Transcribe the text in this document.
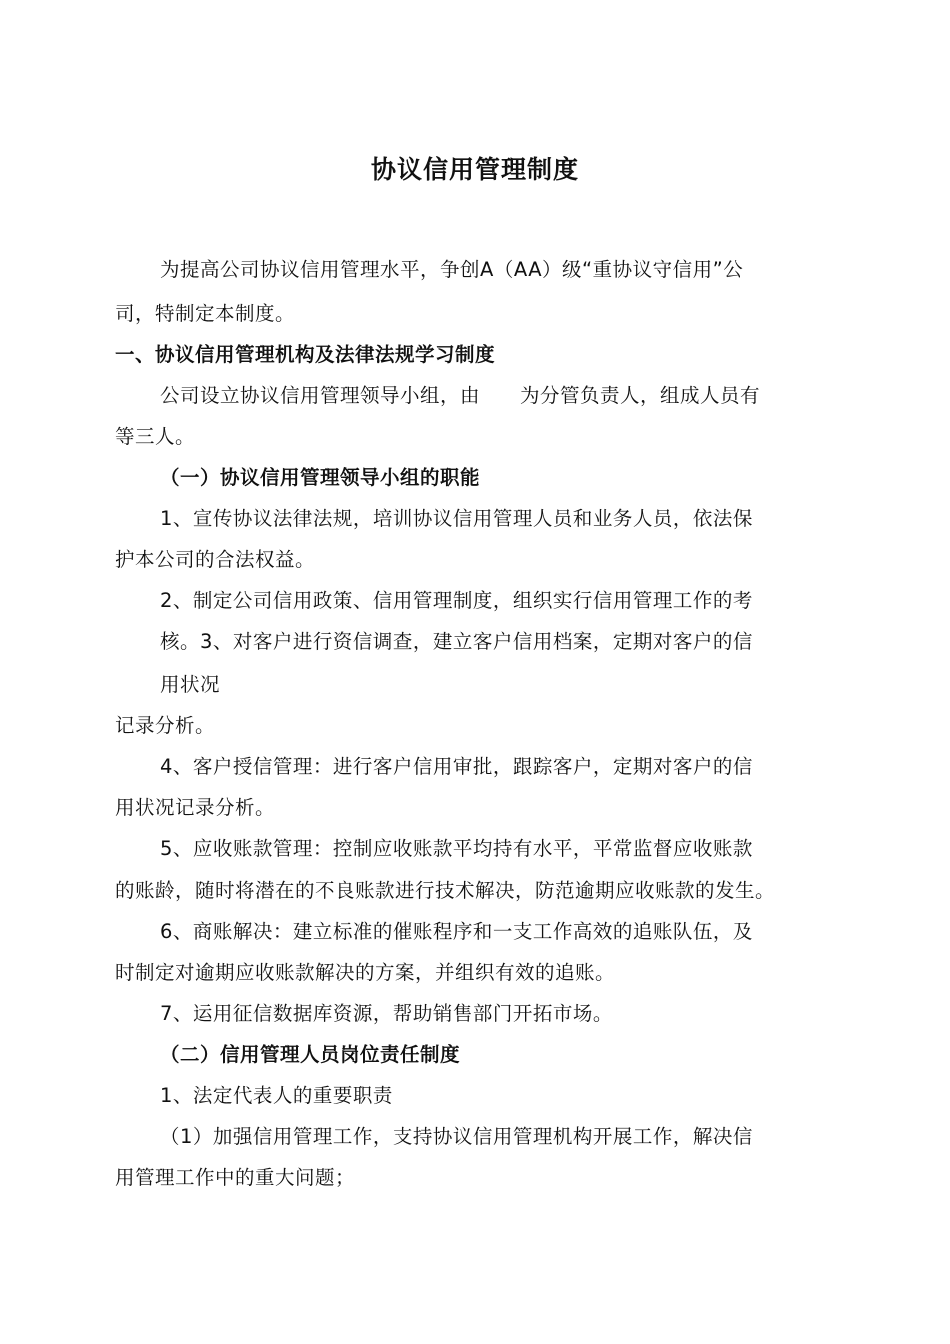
协议信用管理制度
为提高公司协议信用管理水平，争创A（AA）级“重协议守信用”公
司，特制定本制度。
一、协议信用管理机构及法律法规学习制度
公司设立协议信用管理领导小组，由　　为分管负责人，组成人员有
等三人。
（一）协议信用管理领导小组的职能
1、宣传协议法律法规，培训协议信用管理人员和业务人员，依法保
护本公司的合法权益。
2、制定公司信用政策、信用管理制度，组织实行信用管理工作的考
核。3、对客户进行资信调查，建立客户信用档案，定期对客户的信
用状况
记录分析。
4、客户授信管理：进行客户信用审批，跟踪客户，定期对客户的信
用状况记录分析。
5、应收账款管理：控制应收账款平均持有水平，平常监督应收账款
的账龄，随时将潜在的不良账款进行技术解决，防范逾期应收账款的发生。
6、商账解决：建立标准的催账程序和一支工作高效的追账队伍，及
时制定对逾期应收账款解决的方案，并组织有效的追账。
7、运用征信数据库资源，帮助销售部门开拓市场。
（二）信用管理人员岗位责任制度
1、法定代表人的重要职责
（1）加强信用管理工作，支持协议信用管理机构开展工作，解决信
用管理工作中的重大问题；
